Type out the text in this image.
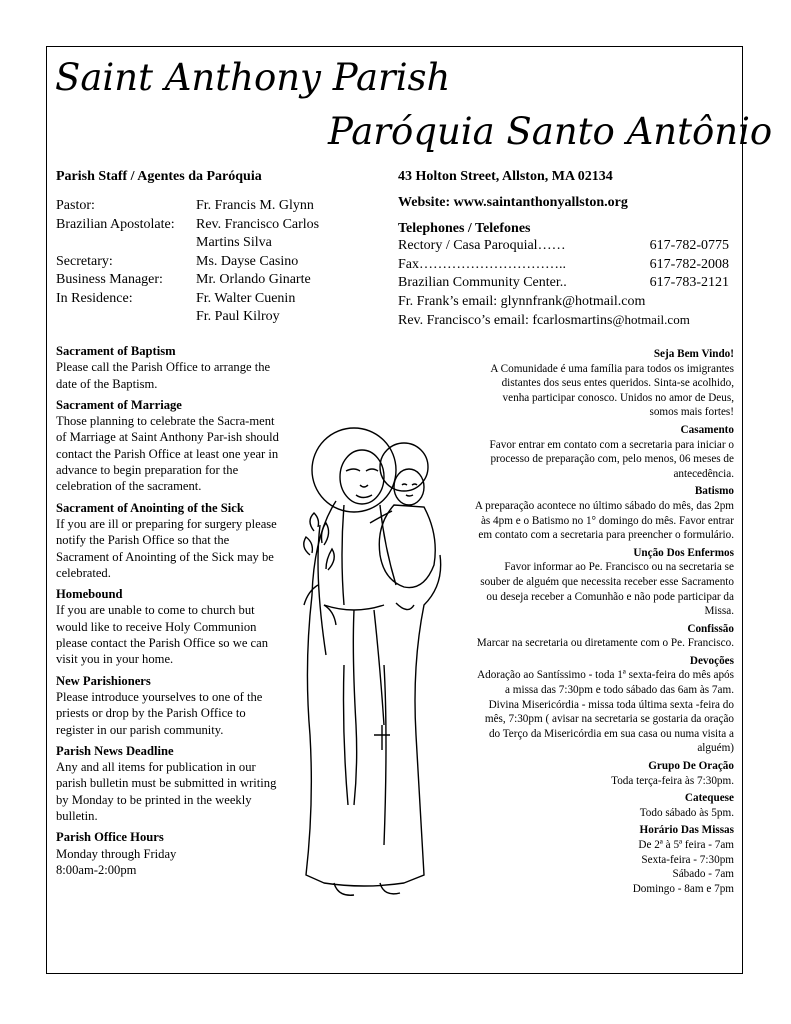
Saint Anthony Parish
Paróquia Santo Antônio
Parish Staff / Agentes da Paróquia
Pastor:	Fr. Francis M. Glynn
Brazilian Apostolate:	Rev. Francisco Carlos Martins Silva
Secretary:	Ms. Dayse Casino
Business Manager:	Mr. Orlando Ginarte
In Residence:	Fr. Walter Cuenin
Fr. Paul Kilroy
43 Holton Street, Allston, MA 02134
Website: www.saintanthonyallston.org
Telephones / Telefones
Rectory / Casa Paroquial……	617-782-0775
Fax…………………………..	617-782-2008
Brazilian Community Center..	617-783-2121
Fr. Frank’s email: glynnfrank@hotmail.com
Rev. Francisco’s email: fcarlosmartins@hotmail.com
Sacrament of Baptism

Please call the Parish Office to arrange the date of the Baptism.

Sacrament of Marriage

Those planning to celebrate the Sacra-ment of Marriage at Saint Anthony Par-ish should contact the Parish Office at least one year in advance to begin preparation for the celebration of the sacrament.

Sacrament of Anointing of the Sick

If you are ill or preparing for surgery please notify the Parish Office so that the Sacrament of Anointing of the Sick may be celebrated.

Homebound

If you are unable to come to church but would like to receive Holy Communion please contact the Parish Office so we can visit you in your home.

New Parishioners

Please introduce yourselves to one of the priests or drop by the Parish Office to register in our parish community.

Parish News Deadline

Any and all items for publication in our parish bulletin must be submitted in writing by Monday to be printed in the weekly bulletin.

Parish Office Hours

Monday through Friday 8:00am-2:00pm

Seja Bem Vindo!

A Comunidade é uma família para todos os imigrantes distantes dos seus entes queridos. Sinta-se acolhido, venha participar conosco. Unidos no amor de Deus, somos mais fortes!

Casamento

Favor entrar em contato com a secretaria para iniciar o processo de preparação com, pelo menos, 06 meses de antecedência.

Batismo

A preparação acontece no último sábado do mês, das 2pm às 4pm e o Batismo no 1° domingo do mês. Favor entrar em contato com a secretaria para preencher o formulário.

Unção Dos Enfermos

Favor informar ao Pe. Francisco ou na secretaria se souber de alguém que necessita receber esse Sacramento ou deseja receber a Comunhão e não pode participar da Missa.

Confissão

Marcar na secretaria ou diretamente com o Pe. Francisco.

Devoções

Adoração ao Santíssimo - toda 1ª sexta-feira do mês após a missa das 7:30pm e todo sábado das 6am às 7am. Divina Misericórdia - missa toda última sexta -feira do mês, 7:30pm ( avisar na secretaria se gostaria da oração do Terço da Misericórdia em sua casa ou numa visita a alguém)

Grupo De Oração

Toda terça-feira às 7:30pm.

Catequese

Todo sábado às 5pm.

Horário Das Missas

De 2ª à 5ª feira - 7am

Sexta-feira - 7:30pm

Sábado - 7am

Domingo - 8am e 7pm
